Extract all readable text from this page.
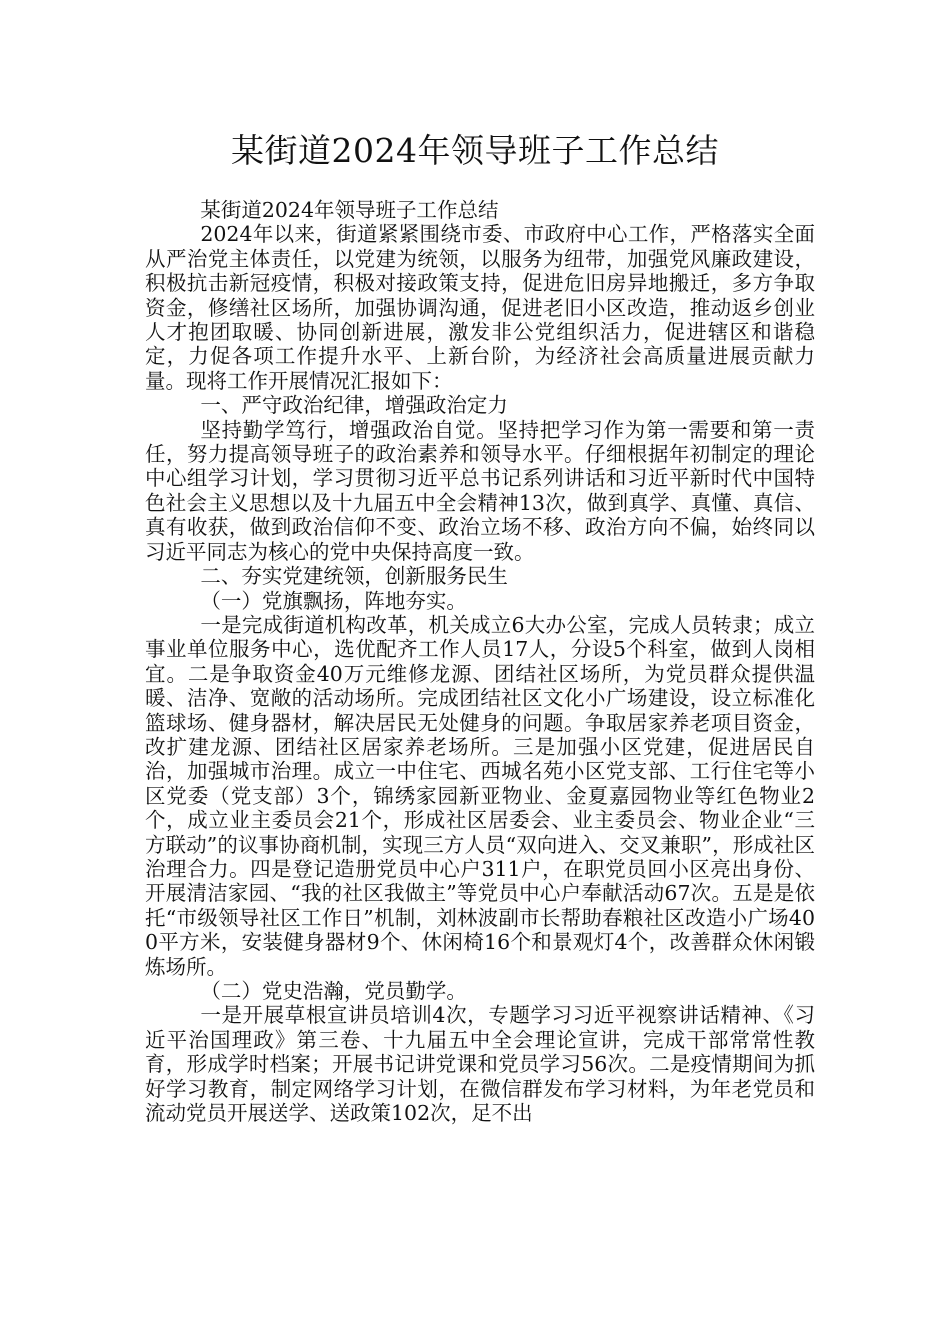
某街道2024年领导班子工作总结

某街道2024年领导班子工作总结

2024年以来，街道紧紧围绕市委、市政府中心工作，严格落实全面从严治党主体责任，以党建为统领，以服务为纽带，加强党风廉政建设，积极抗击新冠疫情，积极对接政策支持，促进危旧房异地搬迁，多方争取资金，修缮社区场所，加强协调沟通，促进老旧小区改造，推动返乡创业人才抱团取暖、协同创新进展，激发非公党组织活力，促进辖区和谐稳定，力促各项工作提升水平、上新台阶，为经济社会高质量进展贡献力量。现将工作开展情况汇报如下：

一、严守政治纪律，增强政治定力

坚持勤学笃行，增强政治自觉。坚持把学习作为第一需要和第一责任，努力提高领导班子的政治素养和领导水平。仔细根据年初制定的理论中心组学习计划，学习贯彻习近平总书记系列讲话和习近平新时代中国特色社会主义思想以及十九届五中全会精神13次，做到真学、真懂、真信、真有收获，做到政治信仰不变、政治立场不移、政治方向不偏，始终同以习近平同志为核心的党中央保持高度一致。

二、夯实党建统领，创新服务民生

（一）党旗飘扬，阵地夯实。

一是完成街道机构改革，机关成立6大办公室，完成人员转隶；成立事业单位服务中心，选优配齐工作人员17人，分设5个科室，做到人岗相宜。二是争取资金40万元维修龙源、团结社区场所，为党员群众提供温暖、洁净、宽敞的活动场所。完成团结社区文化小广场建设，设立标准化篮球场、健身器材，解决居民无处健身的问题。争取居家养老项目资金，改扩建龙源、团结社区居家养老场所。三是加强小区党建，促进居民自治，加强城市治理。成立一中住宅、西城名苑小区党支部、工行住宅等小区党委（党支部）3个，锦绣家园新亚物业、金夏嘉园物业等红色物业2个，成立业主委员会21个，形成社区居委会、业主委员会、物业企业“三方联动”的议事协商机制，实现三方人员“双向进入、交叉兼职”，形成社区治理合力。四是登记造册党员中心户311户，在职党员回小区亮出身份、开展清洁家园、“我的社区我做主”等党员中心户奉献活动67次。五是是依托“市级领导社区工作日”机制，刘林波副市长帮助春粮社区改造小广场400平方米，安装健身器材9个、休闲椅16个和景观灯4个，改善群众休闲锻炼场所。

（二）党史浩瀚，党员勤学。

一是开展草根宣讲员培训4次，专题学习习近平视察讲话精神、《习近平治国理政》第三卷、十九届五中全会理论宣讲，完成干部常常性教育，形成学时档案；开展书记讲党课和党员学习56次。二是疫情期间为抓好学习教育，制定网络学习计划，在微信群发布学习材料，为年老党员和流动党员开展送学、送政策102次，足不出
